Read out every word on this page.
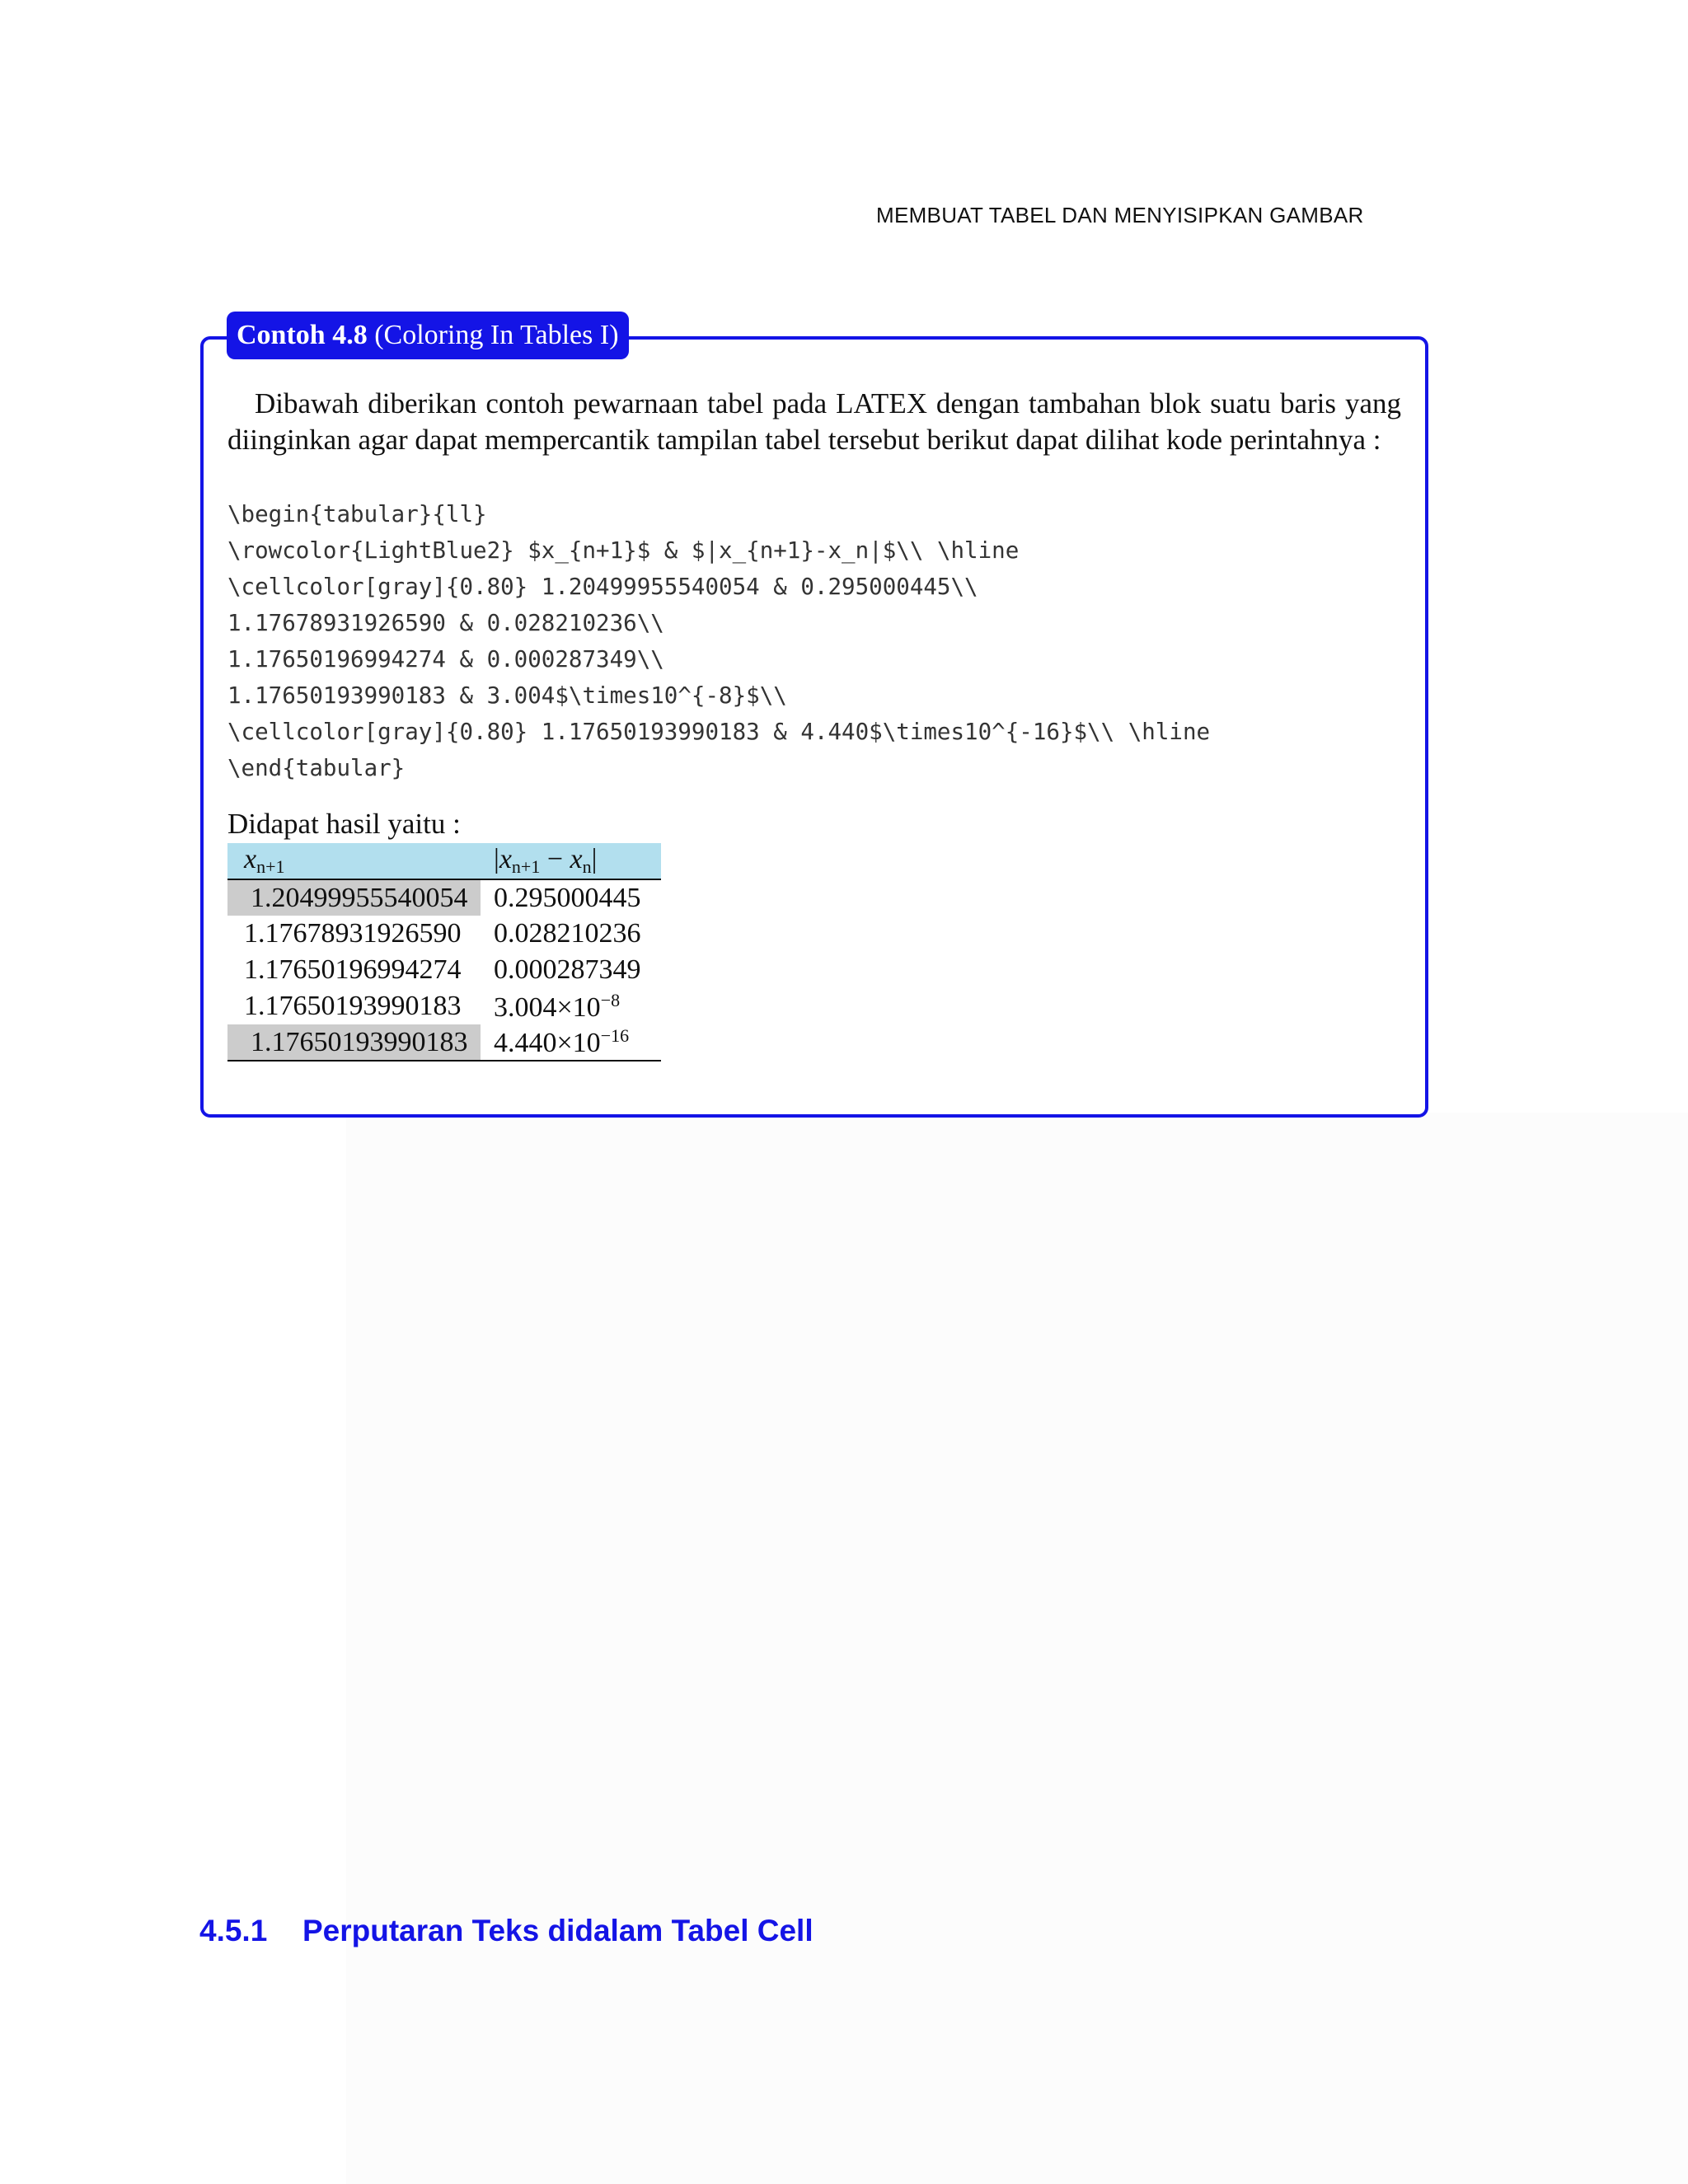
MEMBUAT TABEL DAN MENYISIPKAN GAMBAR
Contoh 4.8 (Coloring In Tables I)
Dibawah diberikan contoh pewarnaan tabel pada LATEX dengan tambahan blok suatu baris yang diinginkan agar dapat mempercantik tampilan tabel tersebut berikut dapat dilihat kode perintahnya :
\begin{tabular}{ll}
\rowcolor{LightBlue2} $x_{n+1}$ & $|x_{n+1}-x_n|$\\ \hline
\cellcolor[gray]{0.80} 1.20499955540054 & 0.295000445\\
1.17678931926590 & 0.028210236\\
1.17650196994274 & 0.000287349\\
1.17650193990183 & 3.004$\times10^{-8}$\\
\cellcolor[gray]{0.80} 1.17650193990183 & 4.440$\times10^{-16}$\\ \hline
\end{tabular}
Didapat hasil yaitu :
$x_{n+1}$	$|x_{n+1} - x_n|$
1.20499955540054	0.295000445
1.17678931926590	0.028210236
1.17650196994274	0.000287349
1.17650193990183	$3.004\times 10^{-8}$
1.17650193990183	$4.440\times 10^{-16}$
4.5.1 Perputaran Teks didalam Tabel Cell
